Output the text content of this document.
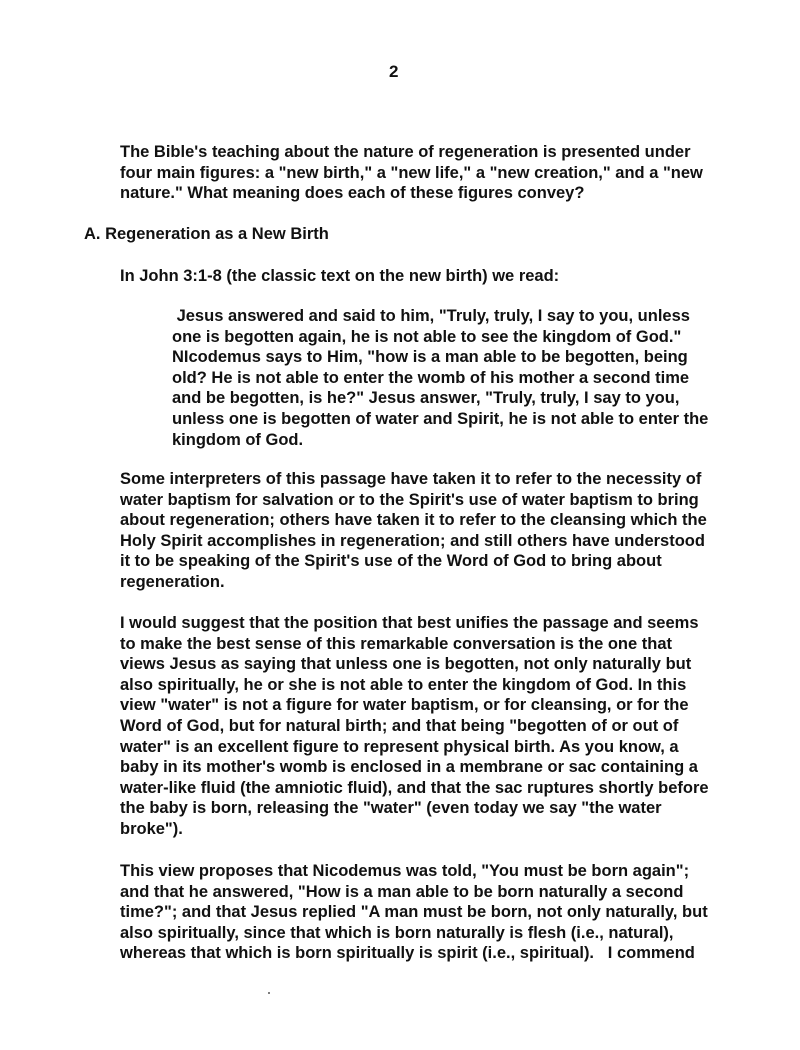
2

The Bible's teaching about the nature of regeneration is presented under
four main figures: a "new birth," a "new life," a "new creation," and a "new
nature." What meaning does each of these figures convey?

A. Regeneration as a New Birth

In John 3:1-8 (the classic text on the new birth) we read:

Jesus answered and said to him, "Truly, truly, I say to you, unless
one is begotten again, he is not able to see the kingdom of God."
NIcodemus says to Him, "how is a man able to be begotten, being
old? He is not able to enter the womb of his mother a second time
and be begotten, is he?" Jesus answer, "Truly, truly, I say to you,
unless one is begotten of water and Spirit, he is not able to enter the
kingdom of God.

Some interpreters of this passage have taken it to refer to the necessity of
water baptism for salvation or to the Spirit's use of water baptism to bring
about regeneration; others have taken it to refer to the cleansing which the
Holy Spirit accomplishes in regeneration; and still others have understood
it to be speaking of the Spirit's use of the Word of God to bring about
regeneration.

I would suggest that the position that best unifies the passage and seems
to make the best sense of this remarkable conversation is the one that
views Jesus as saying that unless one is begotten, not only naturally but
also spiritually, he or she is not able to enter the kingdom of God. In this
view "water" is not a figure for water baptism, or for cleansing, or for the
Word of God, but for natural birth; and that being "begotten of or out of
water" is an excellent figure to represent physical birth. As you know, a
baby in its mother's womb is enclosed in a membrane or sac containing a
water-like fluid (the amniotic fluid), and that the sac ruptures shortly before
the baby is born, releasing the "water" (even today we say "the water
broke").

This view proposes that Nicodemus was told, "You must be born again";
and that he answered, "How is a man able to be born naturally a second
time?"; and that Jesus replied "A man must be born, not only naturally, but
also spiritually, since that which is born naturally is flesh (i.e., natural),
whereas that which is born spiritually is spirit (i.e., spiritual).   I commend
